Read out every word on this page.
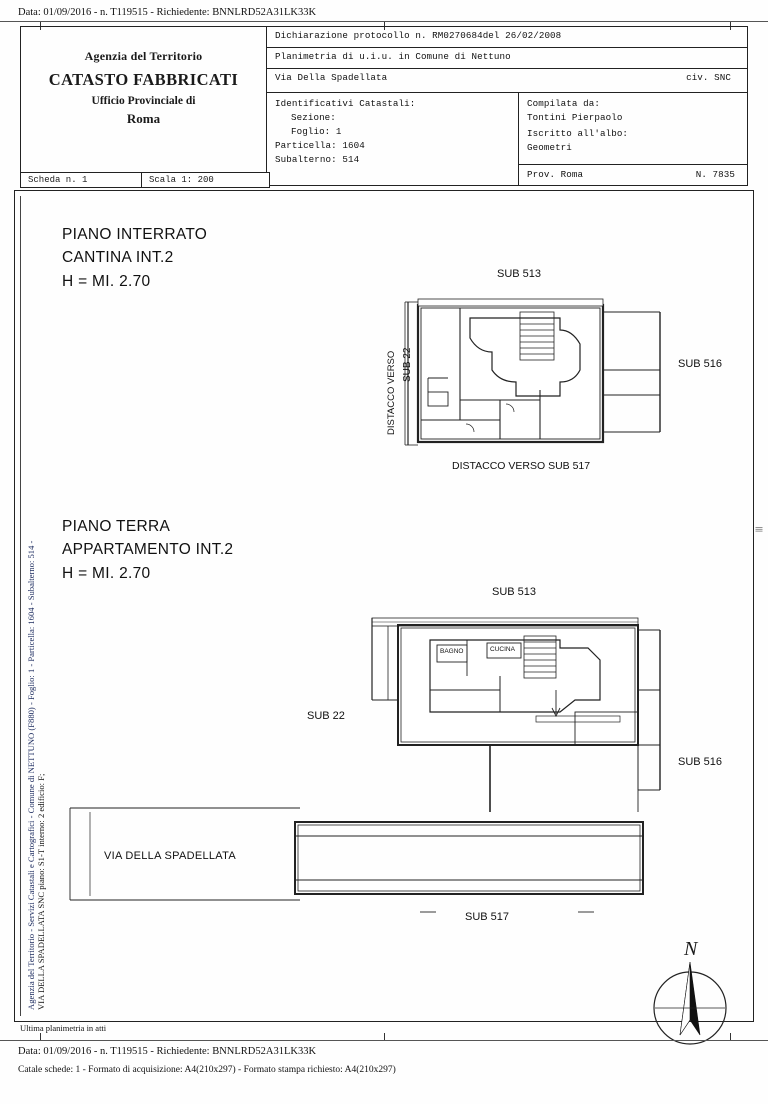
Data: 01/09/2016 - n. T119515 - Richiedente: BNNLRD52A31LK33K
Agenzia del Territorio
CATASTO FABBRICATI
Ufficio Provinciale di
Roma
Dichiarazione protocollo n. RM0270684del 26/02/2008
Planimetria di u.i.u. in Comune di Nettuno
Via Della Spadellata	civ. SNC
Identificativi Catastali:
Sezione:
Foglio: 1
Particella: 1604
Subalterno: 514
Compilata da:
Tontini Pierpaolo
Iscritto all'albo:
Geometri
Prov. Roma	N. 7835
Scheda n. 1	Scala 1: 200
Agenzia del Territorio - Servizi Catastali e Cartografici - Comune di NETTUNO (F880) - Foglio: 1 - Particella: 1604 - Subalterno: 514 - VIA DELLA SPADELLATA SNC piano: S1-T interno: 2 edificio: F;
PIANO INTERRATO
CANTINA INT.2
H = MI. 2.70
PIANO TERRA
APPARTAMENTO INT.2
H = MI. 2.70
SUB 513
SUB 516
DISTACCO VERSO SUB 22
DISTACCO VERSO SUB 517
SUB 513
SUB 516
SUB 22
SUB 517
VIA DELLA SPADELLATA
BAGNO	CUCINA
N
|||
Ultima planimetria in atti
Data: 01/09/2016 - n. T119515 - Richiedente: BNNLRD52A31LK33K
Catale schede: 1 - Formato di acquisizione: A4(210x297) - Formato stampa richiesto: A4(210x297)
